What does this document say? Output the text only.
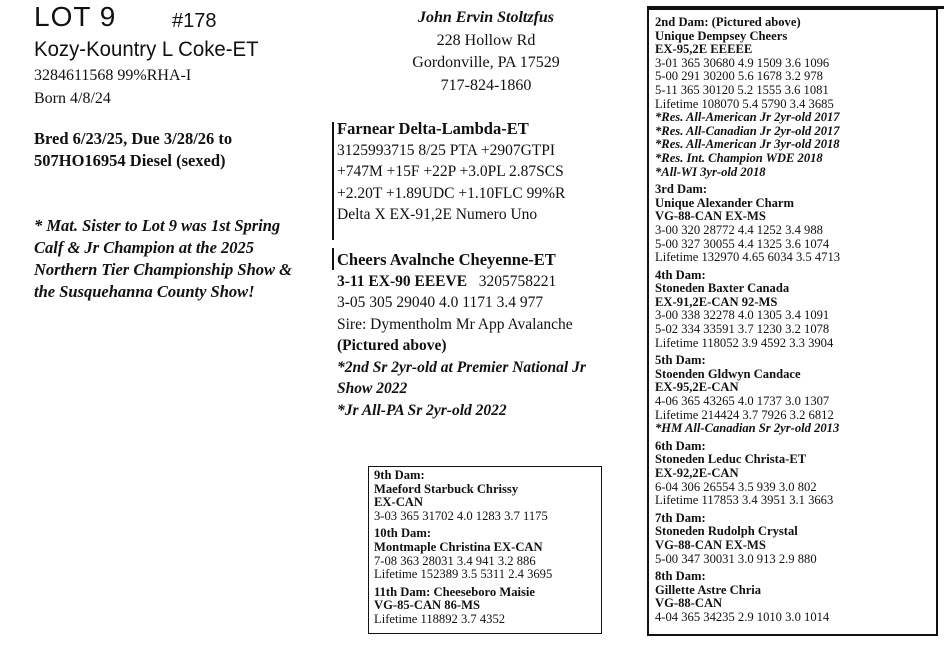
LOT 9	#178
Kozy-Kountry L Coke-ET
3284611568 99%RHA-I
Born 4/8/24
Bred 6/23/25, Due 3/28/26 to
507HO16954 Diesel (sexed)
* Mat. Sister to Lot 9 was 1st Spring
Calf & Jr Champion at the 2025
Northern Tier Championship Show &
the Susquehanna County Show!
John Ervin Stoltzfus
228 Hollow Rd
Gordonville, PA 17529
717-824-1860
Farnear Delta-Lambda-ET
3125993715 8/25 PTA +2907GTPI
+747M +15F +22P +3.0PL 2.87SCS
+2.20T +1.89UDC +1.10FLC 99%R
Delta X EX-91,2E Numero Uno
Cheers Avalnche Cheyenne-ET
3-11 EX-90 EEEVE 3205758221
3-05 305 29040 4.0 1171 3.4 977
Sire: Dymentholm Mr App Avalanche
(Pictured above)
*2nd Sr 2yr-old at Premier National Jr
Show 2022
*Jr All-PA Sr 2yr-old 2022
2nd Dam: (Pictured above)
Unique Dempsey Cheers
EX-95,2E EEEEE
3-01 365 30680 4.9 1509 3.6 1096
5-00 291 30200 5.6 1678 3.2 978
5-11 365 30120 5.2 1555 3.6 1081
Lifetime 108070 5.4 5790 3.4 3685
*Res. All-American Jr 2yr-old 2017
*Res. All-Canadian Jr 2yr-old 2017
*Res. All-American Jr 3yr-old 2018
*Res. Int. Champion WDE 2018
*All-WI 3yr-old 2018
3rd Dam:
Unique Alexander Charm
VG-88-CAN EX-MS
3-00 320 28772 4.4 1252 3.4 988
5-00 327 30055 4.4 1325 3.6 1074
Lifetime 132970 4.65 6034 3.5 4713
4th Dam:
Stoneden Baxter Canada
EX-91,2E-CAN 92-MS
3-00 338 32278 4.0 1305 3.4 1091
5-02 334 33591 3.7 1230 3.2 1078
Lifetime 118052 3.9 4592 3.3 3904
5th Dam:
Stoenden Gldwyn Candace
EX-95,2E-CAN
4-06 365 43265 4.0 1737 3.0 1307
Lifetime 214424 3.7 7926 3.2 6812
*HM All-Canadian Sr 2yr-old 2013
6th Dam:
Stoneden Leduc Christa-ET
EX-92,2E-CAN
6-04 306 26554 3.5 939 3.0 802
Lifetime 117853 3.4 3951 3.1 3663
7th Dam:
Stoneden Rudolph Crystal
VG-88-CAN EX-MS
5-00 347 30031 3.0 913 2.9 880
8th Dam:
Gillette Astre Chria
VG-88-CAN
4-04 365 34235 2.9 1010 3.0 1014
9th Dam:
Maeford Starbuck Chrissy
EX-CAN
3-03 365 31702 4.0 1283 3.7 1175
10th Dam:
Montmaple Christina EX-CAN
7-08 363 28031 3.4 941 3.2 886
Lifetime 152389 3.5 5311 2.4 3695
11th Dam: Cheeseboro Maisie
VG-85-CAN 86-MS
Lifetime 118892 3.7 4352
